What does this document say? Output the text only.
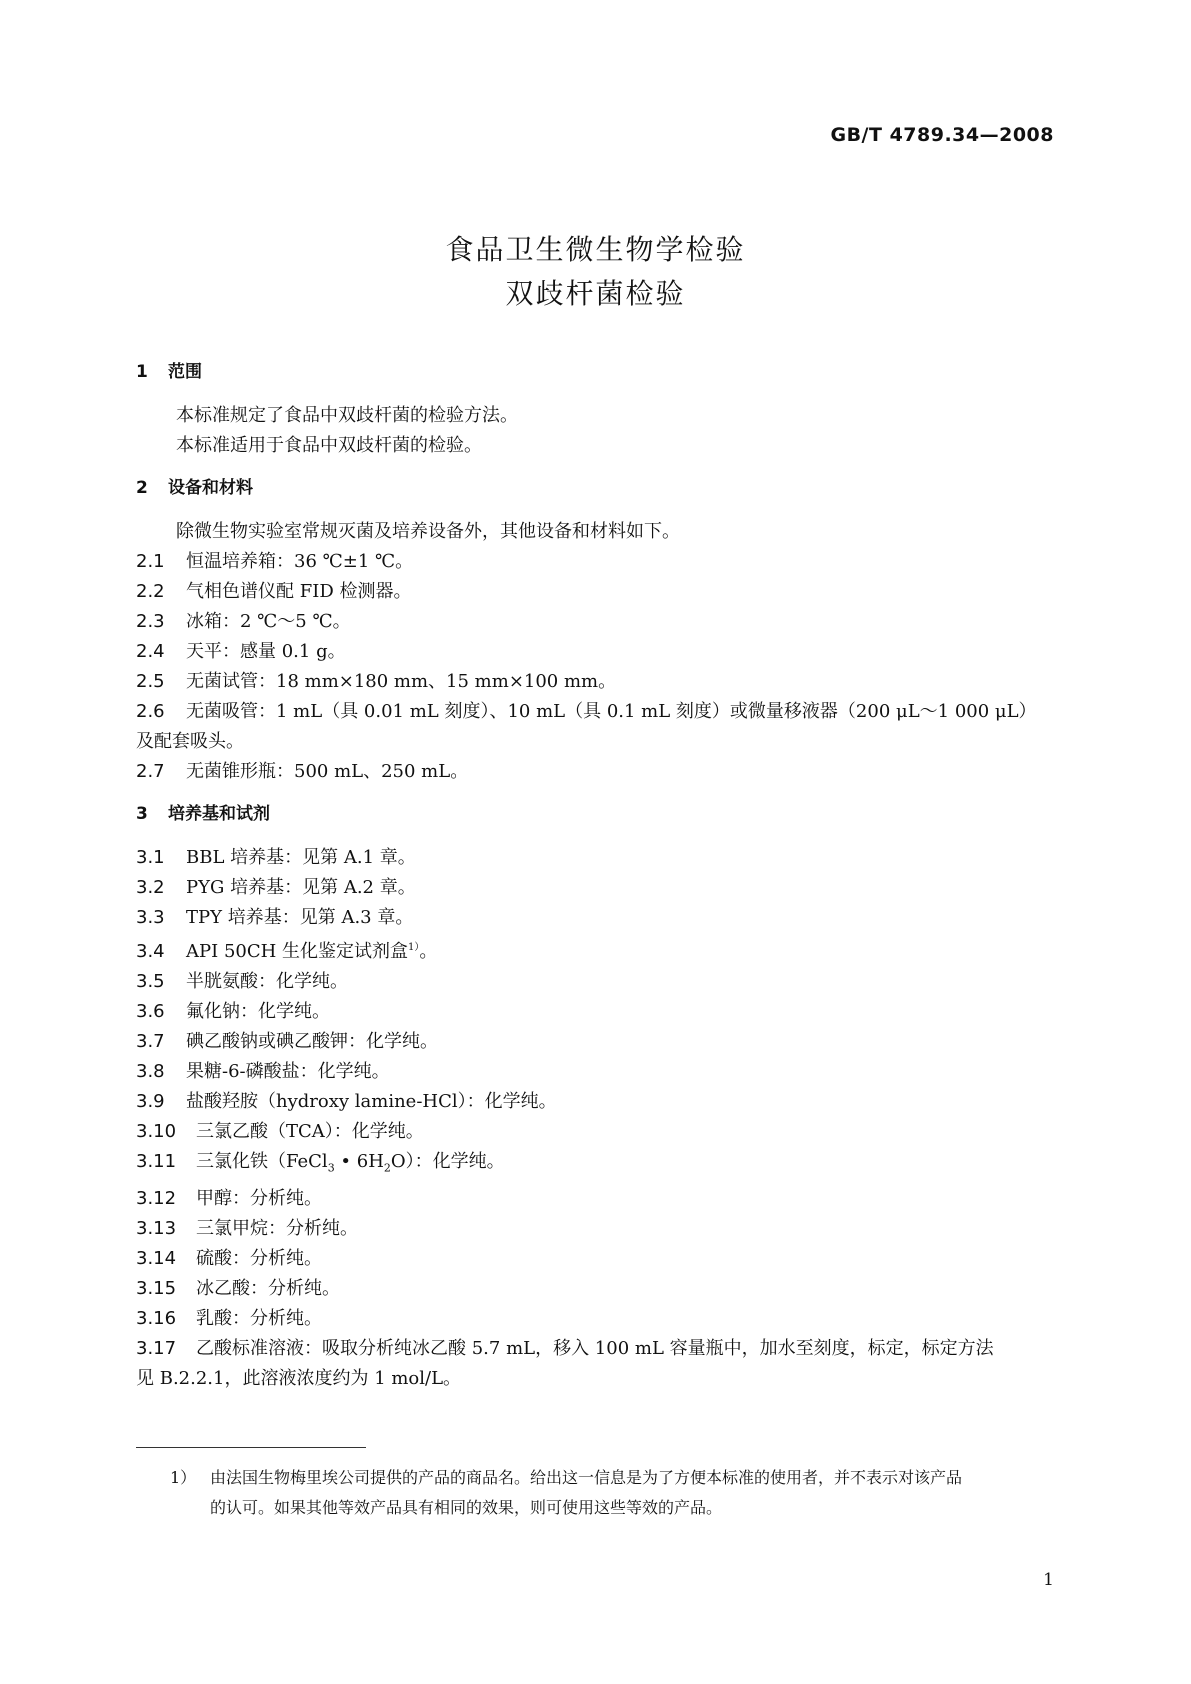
GB/T 4789.34—2008
食品卫生微生物学检验
双歧杆菌检验
1 范围
本标准规定了食品中双歧杆菌的检验方法。
本标准适用于食品中双歧杆菌的检验。
2 设备和材料
除微生物实验室常规灭菌及培养设备外，其他设备和材料如下。
2.1 恒温培养箱：36 ℃±1 ℃。
2.2 气相色谱仪配 FID 检测器。
2.3 冰箱：2 ℃～5 ℃。
2.4 天平：感量 0.1 g。
2.5 无菌试管：18 mm×180 mm、15 mm×100 mm。
2.6 无菌吸管：1 mL（具 0.01 mL 刻度）、10 mL（具 0.1 mL 刻度）或微量移液器（200 μL～1 000 μL）
及配套吸头。
2.7 无菌锥形瓶：500 mL、250 mL。
3 培养基和试剂
3.1 BBL 培养基：见第 A.1 章。
3.2 PYG 培养基：见第 A.2 章。
3.3 TPY 培养基：见第 A.3 章。
3.4 API 50CH 生化鉴定试剂盒$^{1)}$。
3.5 半胱氨酸：化学纯。
3.6 氟化钠：化学纯。
3.7 碘乙酸钠或碘乙酸钾：化学纯。
3.8 果糖-6-磷酸盐：化学纯。
3.9 盐酸羟胺（hydroxy lamine-HCl）：化学纯。
3.10 三氯乙酸（TCA）：化学纯。
3.11 三氯化铁（FeCl$_3$ • $6H_2O$）：化学纯。
3.12 甲醇：分析纯。
3.13 三氯甲烷：分析纯。
3.14 硫酸：分析纯。
3.15 冰乙酸：分析纯。
3.16 乳酸：分析纯。
3.17 乙酸标准溶液：吸取分析纯冰乙酸 5.7 mL，移入 100 mL 容量瓶中，加水至刻度，标定，标定方法
见 B.2.2.1，此溶液浓度约为 1 mol/L。
1） 由法国生物梅里埃公司提供的产品的商品名。给出这一信息是为了方便本标准的使用者，并不表示对该产品
的认可。如果其他等效产品具有相同的效果，则可使用这些等效的产品。
1
